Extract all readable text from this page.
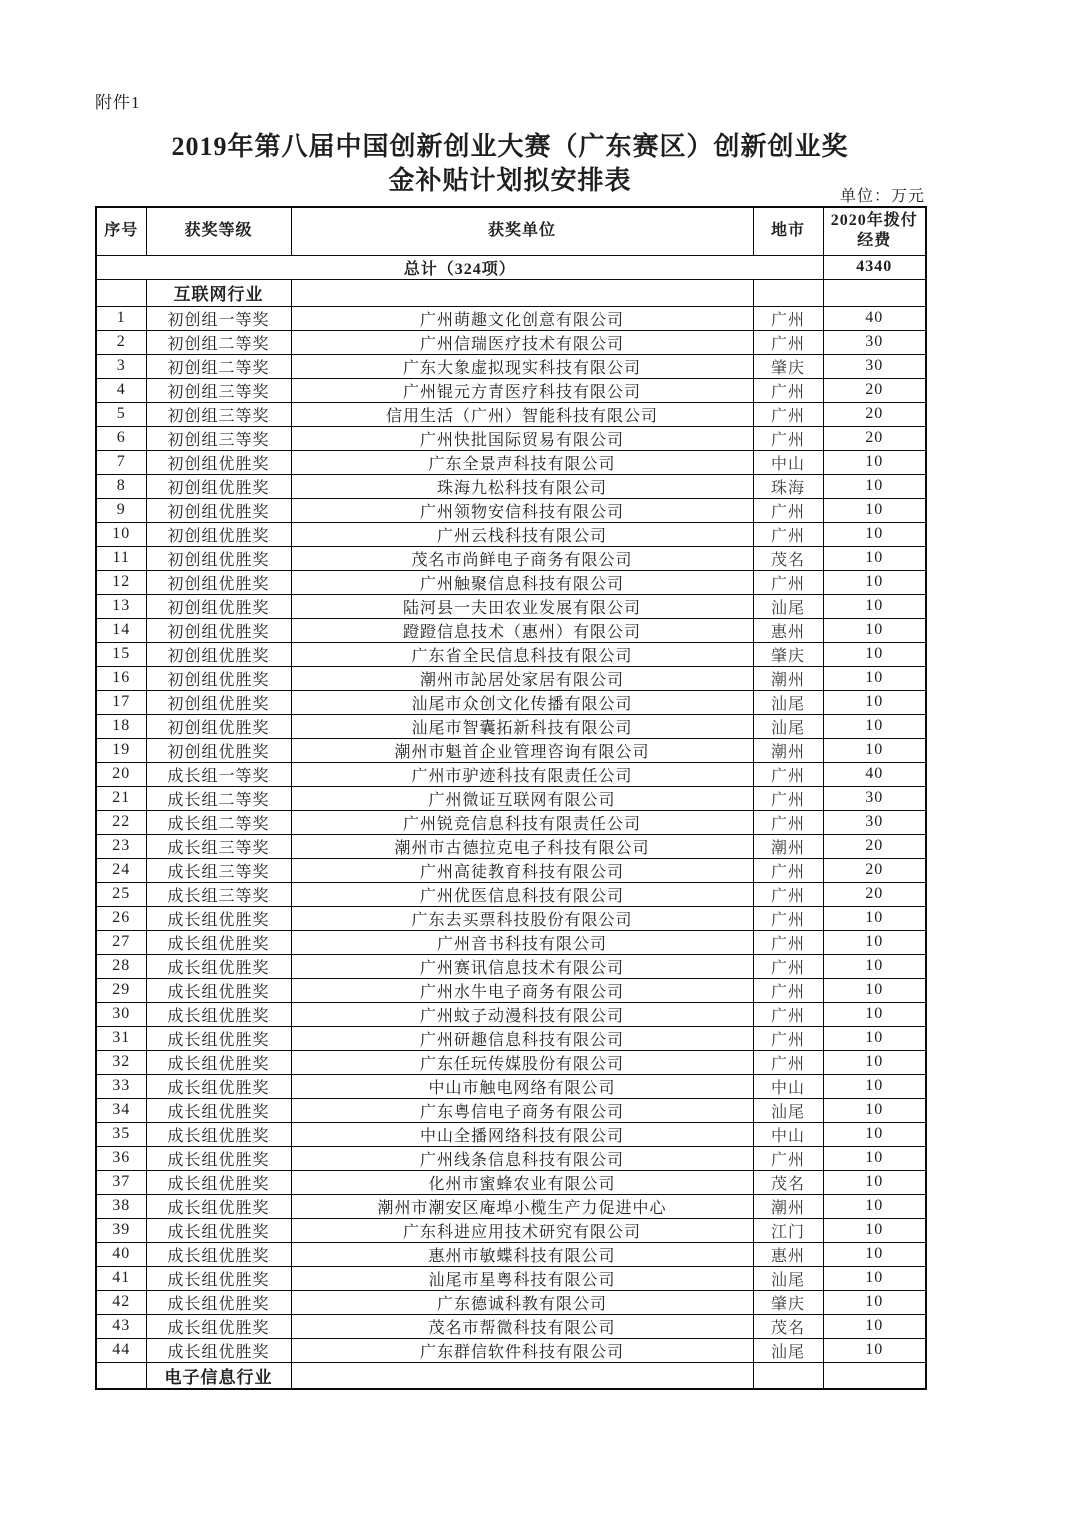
附件1
2019年第八届中国创新创业大赛（广东赛区）创新创业奖
金补贴计划拟安排表
单位：万元
序号	获奖等级	获奖单位	地市	2020年拨付经费
总计（324项）				4340
	互联网行业			
1	初创组一等奖	广州萌趣文化创意有限公司	广州	40
2	初创组二等奖	广州信瑞医疗技术有限公司	广州	30
3	初创组二等奖	广东大象虚拟现实科技有限公司	肇庆	30
4	初创组三等奖	广州锟元方青医疗科技有限公司	广州	20
5	初创组三等奖	信用生活（广州）智能科技有限公司	广州	20
6	初创组三等奖	广州快批国际贸易有限公司	广州	20
7	初创组优胜奖	广东全景声科技有限公司	中山	10
8	初创组优胜奖	珠海九松科技有限公司	珠海	10
9	初创组优胜奖	广州领物安信科技有限公司	广州	10
10	初创组优胜奖	广州云栈科技有限公司	广州	10
11	初创组优胜奖	茂名市尚鲜电子商务有限公司	茂名	10
12	初创组优胜奖	广州触聚信息科技有限公司	广州	10
13	初创组优胜奖	陆河县一夫田农业发展有限公司	汕尾	10
14	初创组优胜奖	蹬蹬信息技术（惠州）有限公司	惠州	10
15	初创组优胜奖	广东省全民信息科技有限公司	肇庆	10
16	初创组优胜奖	潮州市訫居处家居有限公司	潮州	10
17	初创组优胜奖	汕尾市众创文化传播有限公司	汕尾	10
18	初创组优胜奖	汕尾市智囊拓新科技有限公司	汕尾	10
19	初创组优胜奖	潮州市魁首企业管理咨询有限公司	潮州	10
20	成长组一等奖	广州市驴迹科技有限责任公司	广州	40
21	成长组二等奖	广州微证互联网有限公司	广州	30
22	成长组二等奖	广州锐竞信息科技有限责任公司	广州	30
23	成长组三等奖	潮州市古德拉克电子科技有限公司	潮州	20
24	成长组三等奖	广州高徒教育科技有限公司	广州	20
25	成长组三等奖	广州优医信息科技有限公司	广州	20
26	成长组优胜奖	广东去买票科技股份有限公司	广州	10
27	成长组优胜奖	广州音书科技有限公司	广州	10
28	成长组优胜奖	广州赛讯信息技术有限公司	广州	10
29	成长组优胜奖	广州水牛电子商务有限公司	广州	10
30	成长组优胜奖	广州蚊子动漫科技有限公司	广州	10
31	成长组优胜奖	广州研趣信息科技有限公司	广州	10
32	成长组优胜奖	广东任玩传媒股份有限公司	广州	10
33	成长组优胜奖	中山市触电网络有限公司	中山	10
34	成长组优胜奖	广东粤信电子商务有限公司	汕尾	10
35	成长组优胜奖	中山全播网络科技有限公司	中山	10
36	成长组优胜奖	广州线条信息科技有限公司	广州	10
37	成长组优胜奖	化州市蜜蜂农业有限公司	茂名	10
38	成长组优胜奖	潮州市潮安区庵埠小榄生产力促进中心	潮州	10
39	成长组优胜奖	广东科进应用技术研究有限公司	江门	10
40	成长组优胜奖	惠州市敏蝶科技有限公司	惠州	10
41	成长组优胜奖	汕尾市星粤科技有限公司	汕尾	10
42	成长组优胜奖	广东德诚科教有限公司	肇庆	10
43	成长组优胜奖	茂名市帮微科技有限公司	茂名	10
44	成长组优胜奖	广东群信软件科技有限公司	汕尾	10
	电子信息行业			
